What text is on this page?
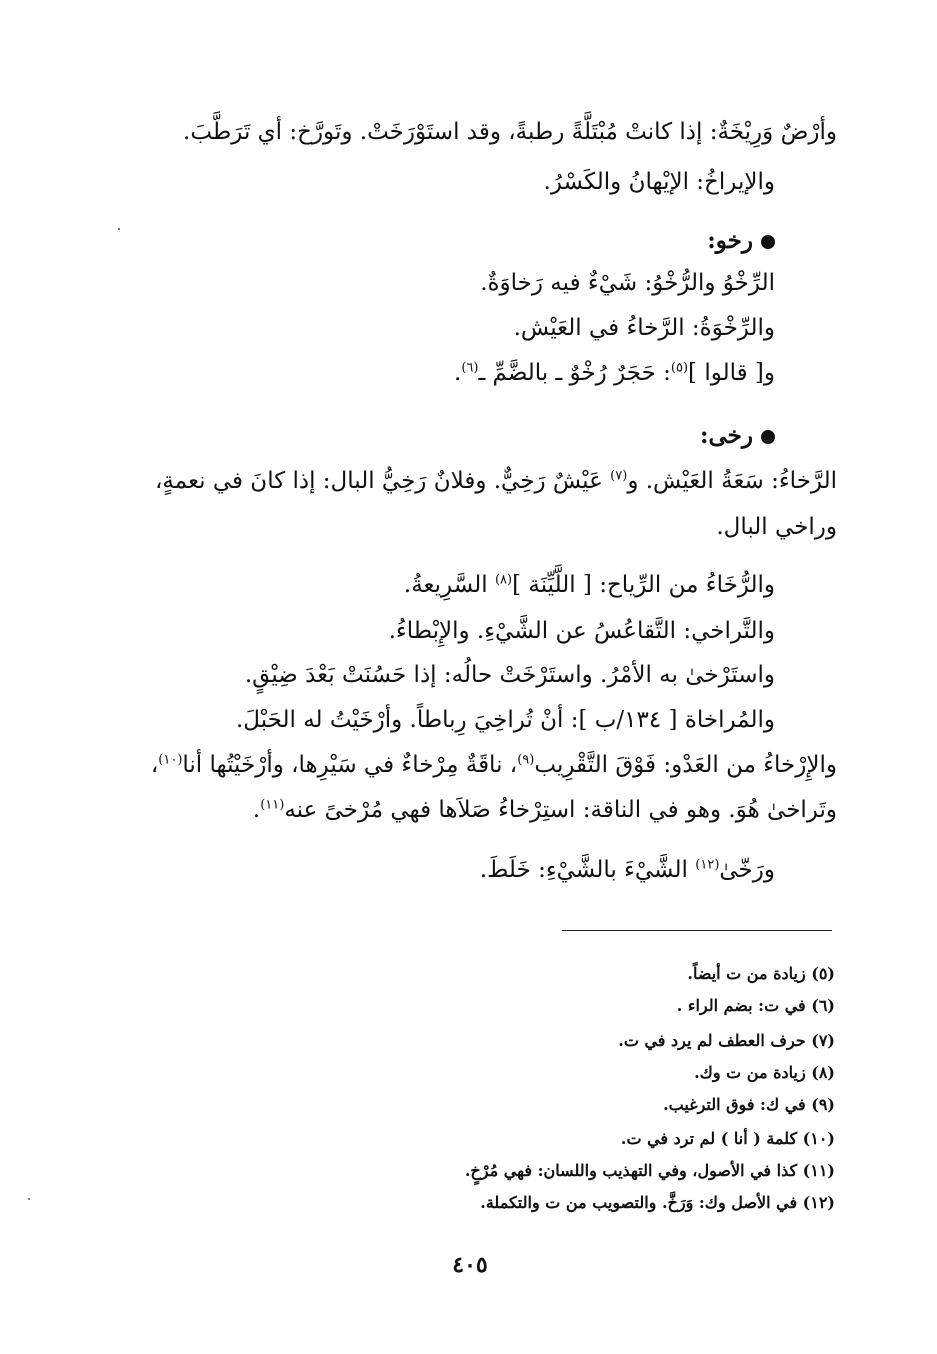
وأرْضٌ وَرِيْخَةٌ: إذا كانتْ مُبْتَلَّةً رطبةً، وقد استَوْرَخَتْ. وتَورَّخ: أي تَرَطَّبَ.
والإيراخُ: الإيْهانُ والكَسْرُ.
رخو:
الرِّخْوُ والرُّخْوُ: شَيْءٌ فيه رَخاوَةٌ.
والرِّخْوَةُ: الرَّخاءُ في العَيْش.
و[ قالوا ]$^{(٥)}$: حَجَرٌ رُخْوٌ ـ بالضَّمِّ ـ$^{(٦)}$.
رخى:
الرَّخاءُ: سَعَةُ العَيْش. و$^{(٧)}$ عَيْشٌ رَخِيٌّ. وفلانٌ رَخِيُّ البال: إذا كانَ في نعمةٍ،
وراخي البال.
والرُّخَاءُ من الرِّياح: [ اللَّيِّنَة ]$^{(٨)}$ السَّرِيعةُ.
والتَّراخي: التَّقاعُسُ عن الشَّيْءِ. والإِبْطاءُ.
واستَرْخىٰ به الأمْرُ. واستَرْخَتْ حالُه: إذا حَسُنَتْ بَعْدَ ضِيْقٍ.
والمُراخاة [ ١٣٤/ب ]: أنْ تُراخِيَ رِباطاً. وأرْخَيْتُ له الحَبْلَ.
والإِرْخاءُ من العَدْو: فَوْقَ التَّقْرِيب$^{(٩)}$، ناقَةٌ مِرْخاءٌ في سَيْرِها، وأرْخَيْتُها أنا$^{(١٠)}$،
وتَراخىٰ هُوَ. وهو في الناقة: استِرْخاءُ صَلاَها فهي مُرْخىً عنه$^{(١١)}$.
ورَخّىٰ$^{(١٢)}$ الشَّيْءَ بالشَّيْءِ: خَلَطَ.
(٥) زيادة من ت أيضاً.
(٦) في ت: بضم الراء .
(٧) حرف العطف لم يرد في ت.
(٨) زيادة من ت وك.
(٩) في ك: فوق الترغيب.
(١٠) كلمة ( أنا ) لم ترد في ت.
(١١) كذا في الأصول، وفي التهذيب واللسان: فهي مُرْخٍ.
(١٢) في الأصل وك: وَرَخَّ. والتصويب من ت والتكملة.
٤٠٥
